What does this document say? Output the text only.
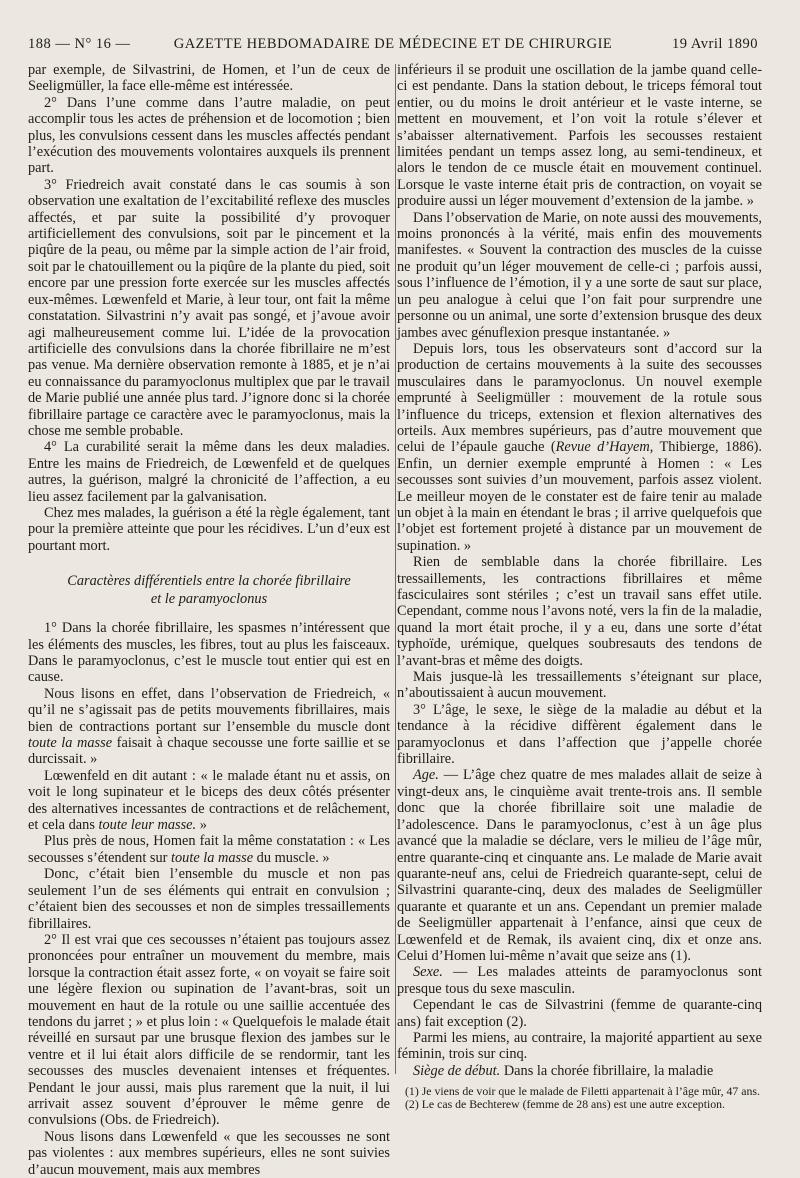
188 — N° 16 —	GAZETTE HEBDOMADAIRE DE MÉDECINE ET DE CHIRURGIE	19 Avril 1890

par exemple, de Silvastrini, de Homen, et l’un de ceux de Seeligmüller, la face elle-même est intéressée.

2° Dans l’une comme dans l’autre maladie, on peut accomplir tous les actes de préhension et de locomotion ; bien plus, les convulsions cessent dans les muscles affectés pendant l’exécution des mouvements volontaires auxquels ils prennent part.

3° Friedreich avait constaté dans le cas soumis à son observation une exaltation de l’excitabilité reflexe des muscles affectés, et par suite la possibilité d’y provoquer artificiellement des convulsions, soit par le pincement et la piqûre de la peau, ou même par la simple action de l’air froid, soit par le chatouillement ou la piqûre de la plante du pied, soit encore par une pression forte exercée sur les muscles affectés eux-mêmes. Lœwenfeld et Marie, à leur tour, ont fait la même constatation. Silvastrini n’y avait pas songé, et j’avoue avoir agi malheureusement comme lui. L’idée de la provocation artificielle des convulsions dans la chorée fibrillaire ne m’est pas venue. Ma dernière observation remonte à 1885, et je n’ai eu connaissance du paramyoclonus multiplex que par le travail de Marie publié une année plus tard. J’ignore donc si la chorée fibrillaire partage ce caractère avec le paramyoclonus, mais la chose me semble probable.

4° La curabilité serait la même dans les deux maladies. Entre les mains de Friedreich, de Lœwenfeld et de quelques autres, la guérison, malgré la chronicité de l’affection, a eu lieu assez facilement par la galvanisation.

Chez mes malades, la guérison a été la règle également, tant pour la première atteinte que pour les récidives. L’un d’eux est pourtant mort.

Caractères différentiels entre la chorée fibrillaire
et le paramyoclonus

1° Dans la chorée fibrillaire, les spasmes n’intéressent que les éléments des muscles, les fibres, tout au plus les faisceaux. Dans le paramyoclonus, c’est le muscle tout entier qui est en cause.

Nous lisons en effet, dans l’observation de Friedreich, « qu’il ne s’agissait pas de petits mouvements fibrillaires, mais bien de contractions portant sur l’ensemble du muscle dont toute la masse faisait à chaque secousse une forte saillie et se durcissait. »

Lœwenfeld en dit autant : « le malade étant nu et assis, on voit le long supinateur et le biceps des deux côtés présenter des alternatives incessantes de contractions et de relâchement, et cela dans toute leur masse. »

Plus près de nous, Homen fait la même constatation : « Les secousses s’étendent sur toute la masse du muscle. »

Donc, c’était bien l’ensemble du muscle et non pas seulement l’un de ses éléments qui entrait en convulsion ; c’étaient bien des secousses et non de simples tressaillements fibrillaires.

2° Il est vrai que ces secousses n’étaient pas toujours assez prononcées pour entraîner un mouvement du membre, mais lorsque la contraction était assez forte, « on voyait se faire soit une légère flexion ou supination de l’avant-bras, soit un mouvement en haut de la rotule ou une saillie accentuée des tendons du jarret ; » et plus loin : « Quelquefois le malade était réveillé en sursaut par une brusque flexion des jambes sur le ventre et il lui était alors difficile de se rendormir, tant les secousses des muscles devenaient intenses et fréquentes. Pendant le jour aussi, mais plus rarement que la nuit, il lui arrivait assez souvent d’éprouver le même genre de convulsions (Obs. de Friedreich).

Nous lisons dans Lœwenfeld « que les secousses ne sont pas violentes : aux membres supérieurs, elles ne sont suivies d’aucun mouvement, mais aux membres

inférieurs il se produit une oscillation de la jambe quand celle-ci est pendante. Dans la station debout, le triceps fémoral tout entier, ou du moins le droit antérieur et le vaste interne, se mettent en mouvement, et l’on voit la rotule s’élever et s’abaisser alternativement. Parfois les secousses restaient limitées pendant un temps assez long, au semi-tendineux, et alors le tendon de ce muscle était en mouvement continuel. Lorsque le vaste interne était pris de contraction, on voyait se produire aussi un léger mouvement d’extension de la jambe. »

Dans l’observation de Marie, on note aussi des mouvements, moins prononcés à la vérité, mais enfin des mouvements manifestes. « Souvent la contraction des muscles de la cuisse ne produit qu’un léger mouvement de celle-ci ; parfois aussi, sous l’influence de l’émotion, il y a une sorte de saut sur place, un peu analogue à celui que l’on fait pour surprendre une personne ou un animal, une sorte d’extension brusque des deux jambes avec génuflexion presque instantanée. »

Depuis lors, tous les observateurs sont d’accord sur la production de certains mouvements à la suite des secousses musculaires dans le paramyoclonus. Un nouvel exemple emprunté à Seeligmüller : mouvement de la rotule sous l’influence du triceps, extension et flexion alternatives des orteils. Aux membres supérieurs, pas d’autre mouvement que celui de l’épaule gauche (Revue d’Hayem, Thibierge, 1886). Enfin, un dernier exemple emprunté à Homen : « Les secousses sont suivies d’un mouvement, parfois assez violent. Le meilleur moyen de le constater est de faire tenir au malade un objet à la main en étendant le bras ; il arrive quelquefois que l’objet est fortement projeté à distance par un mouvement de supination. »

Rien de semblable dans la chorée fibrillaire. Les tressaillements, les contractions fibrillaires et même fasciculaires sont stériles ; c’est un travail sans effet utile. Cependant, comme nous l’avons noté, vers la fin de la maladie, quand la mort était proche, il y a eu, dans une sorte d’état typhoïde, urémique, quelques soubresauts des tendons de l’avant-bras et même des doigts.

Mais jusque-là les tressaillements s’éteignant sur place, n’aboutissaient à aucun mouvement.

3° L’âge, le sexe, le siège de la maladie au début et la tendance à la récidive diffèrent également dans le paramyoclonus et dans l’affection que j’appelle chorée fibrillaire.

Age. — L’âge chez quatre de mes malades allait de seize à vingt-deux ans, le cinquième avait trente-trois ans. Il semble donc que la chorée fibrillaire soit une maladie de l’adolescence. Dans le paramyoclonus, c’est à un âge plus avancé que la maladie se déclare, vers le milieu de l’âge mûr, entre quarante-cinq et cinquante ans. Le malade de Marie avait quarante-neuf ans, celui de Friedreich quarante-sept, celui de Silvastrini quarante-cinq, deux des malades de Seeligmüller quarante et quarante et un ans. Cependant un premier malade de Seeligmüller appartenait à l’enfance, ainsi que ceux de Lœwenfeld et de Remak, ils avaient cinq, dix et onze ans. Celui d’Homen lui-même n’avait que seize ans (1).

Sexe. — Les malades atteints de paramyoclonus sont presque tous du sexe masculin.

Cependant le cas de Silvastrini (femme de quarante-cinq ans) fait exception (2).

Parmi les miens, au contraire, la majorité appartient au sexe féminin, trois sur cinq.

Siège de début. Dans la chorée fibrillaire, la maladie

(1) Je viens de voir que le malade de Filetti appartenait à l’âge mûr, 47 ans.

(2) Le cas de Bechterew (femme de 28 ans) est une autre exception.
